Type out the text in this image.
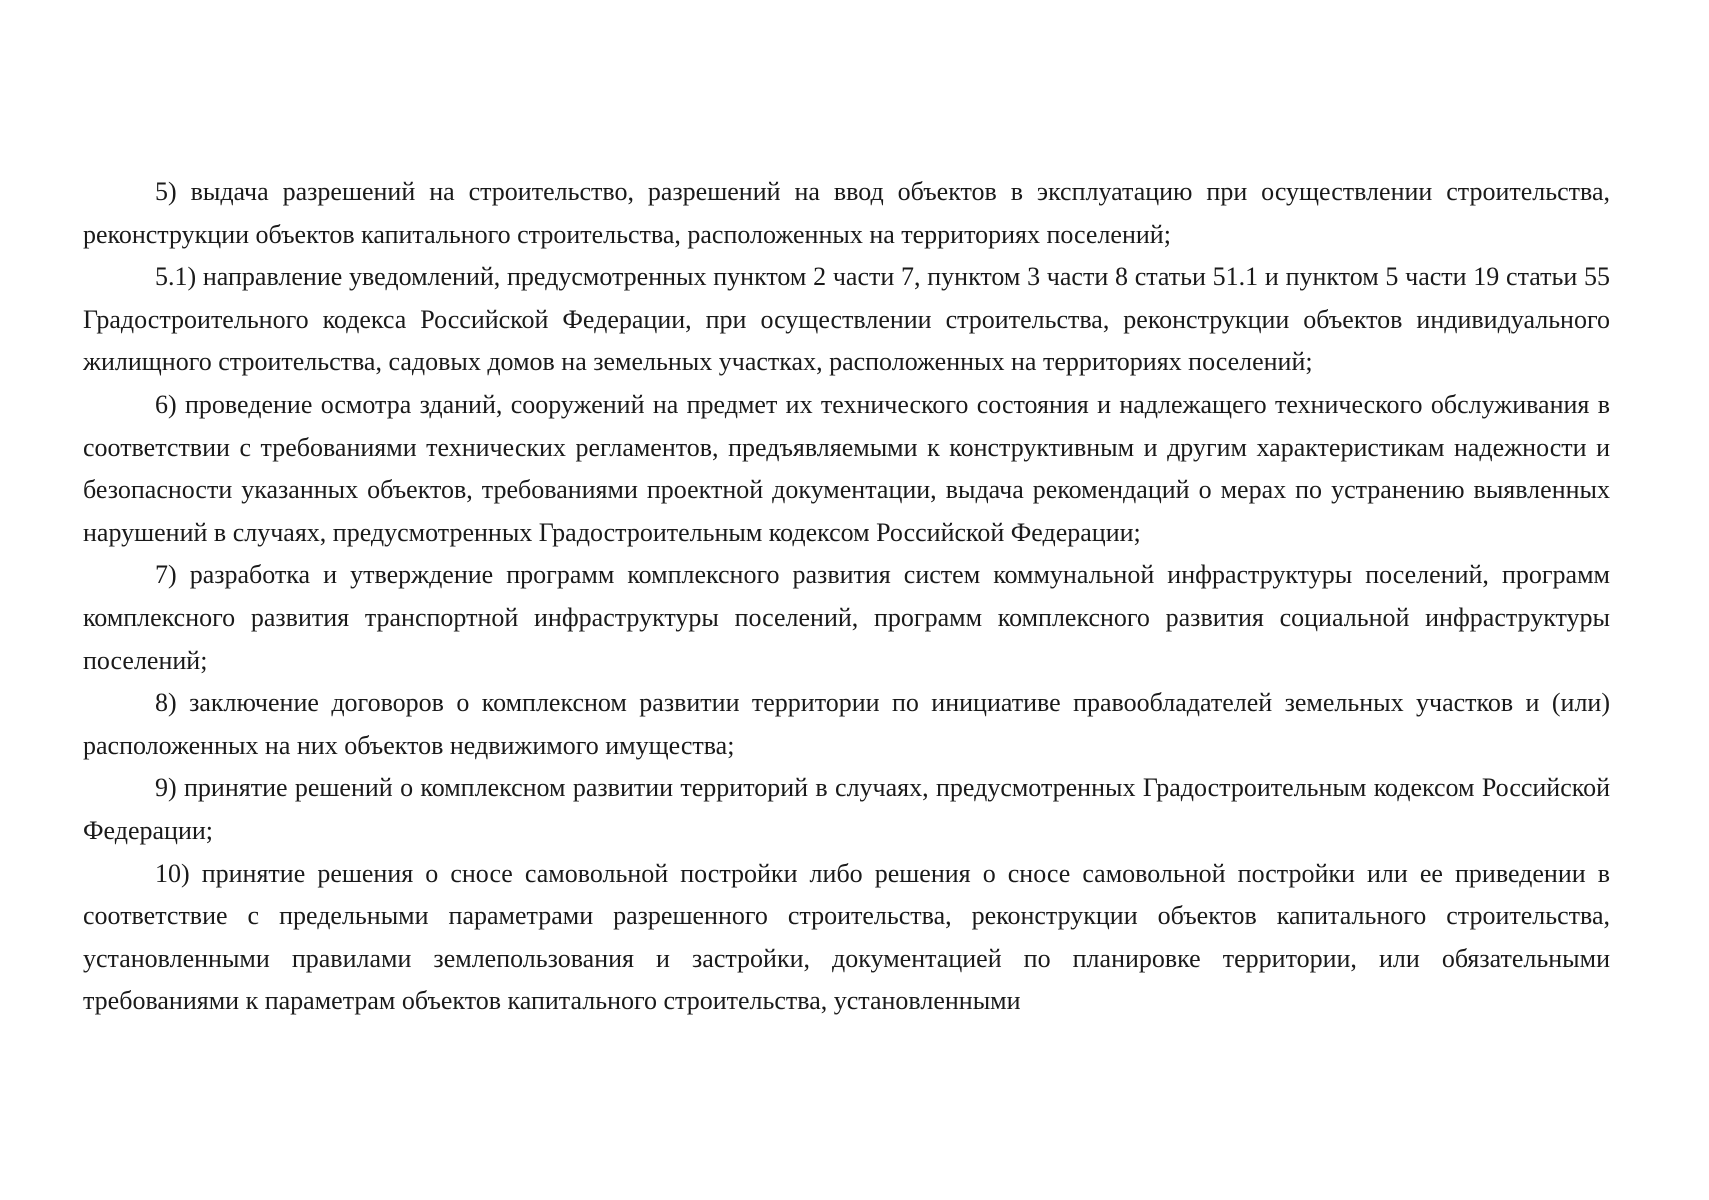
5) выдача разрешений на строительство, разрешений на ввод объектов в эксплуатацию при осуществлении строительства, реконструкции объектов капитального строительства, расположенных на территориях поселений;

5.1) направление уведомлений, предусмотренных пунктом 2 части 7, пунктом 3 части 8 статьи 51.1 и пунктом 5 части 19 статьи 55 Градостроительного кодекса Российской Федерации, при осуществлении строительства, реконструкции объектов индивидуального жилищного строительства, садовых домов на земельных участках, расположенных на территориях поселений;

6) проведение осмотра зданий, сооружений на предмет их технического состояния и надлежащего технического обслуживания в соответствии с требованиями технических регламентов, предъявляемыми к конструктивным и другим характеристикам надежности и безопасности указанных объектов, требованиями проектной документации, выдача рекомендаций о мерах по устранению выявленных нарушений в случаях, предусмотренных Градостроительным кодексом Российской Федерации;

7) разработка и утверждение программ комплексного развития систем коммунальной инфраструктуры поселений, программ комплексного развития транспортной инфраструктуры поселений, программ комплексного развития социальной инфраструктуры поселений;

8) заключение договоров о комплексном развитии территории по инициативе правообладателей земельных участков и (или) расположенных на них объектов недвижимого имущества;

9) принятие решений о комплексном развитии территорий в случаях, предусмотренных Градостроительным кодексом Российской Федерации;

10) принятие решения о сносе самовольной постройки либо решения о сносе самовольной постройки или ее приведении в соответствие с предельными параметрами разрешенного строительства, реконструкции объектов капитального строительства, установленными правилами землепользования и застройки, документацией по планировке территории, или обязательными требованиями к параметрам объектов капитального строительства, установленными
